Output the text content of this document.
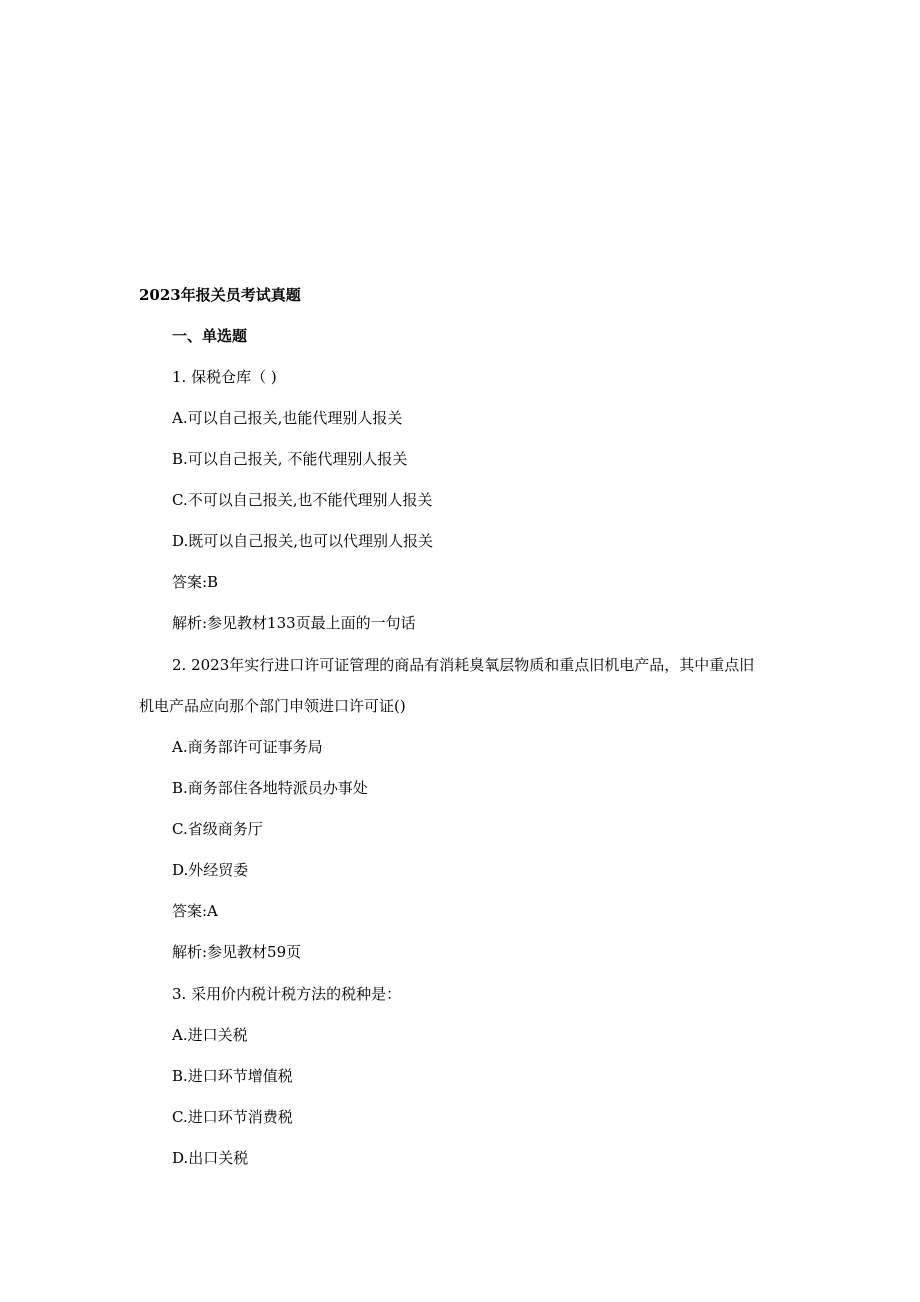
2023年报关员考试真题

一、单选题

1. 保税仓库（ )

A.可以自己报关,也能代理别人报关

B.可以自己报关, 不能代理别人报关

C.不可以自己报关,也不能代理别人报关

D.既可以自己报关,也可以代理别人报关

答案:B

解析:参见教材133页最上面的一句话

2. 2023年实行进口许可证管理的商品有消耗臭氧层物质和重点旧机电产品，其中重点旧

机电产品应向那个部门申领进口许可证()

A.商务部许可证事务局

B.商务部住各地特派员办事处

C.省级商务厅

D.外经贸委

答案:A

解析:参见教材59页

3. 采用价内税计税方法的税种是：

A.进口关税

B.进口环节增值税

C.进口环节消费税

D.出口关税
